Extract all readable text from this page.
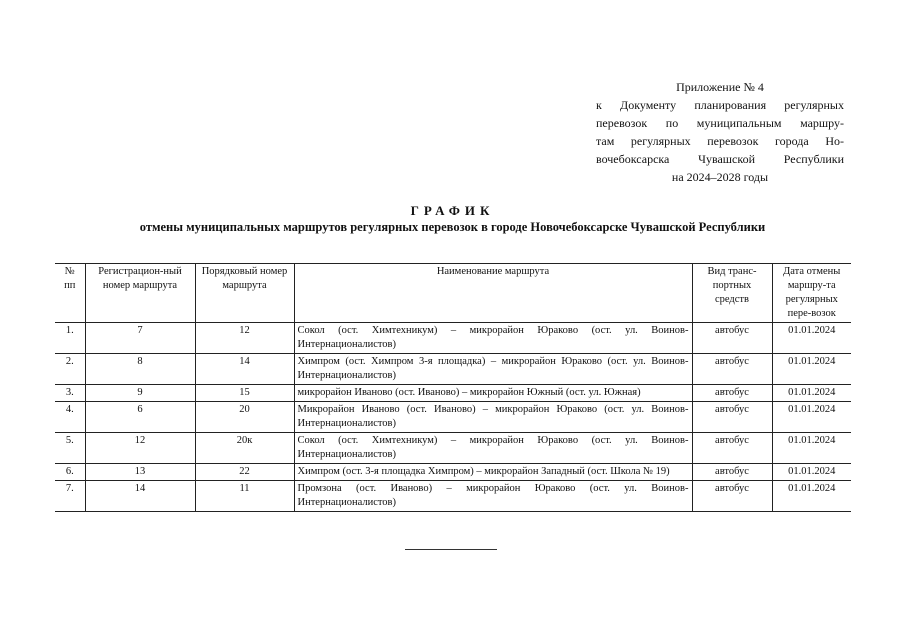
Приложение № 4
к Документу планирования регулярных
перевозок по муниципальным маршру-
там регулярных перевозок города Но-
вочебоксарска Чувашской Республики
на 2024–2028 годы
ГРАФИК
отмены муниципальных маршрутов регулярных перевозок в городе Новочебоксарске Чувашской Республики
№ пп	Регистрацион-ный номер маршрута	Порядковый номер маршрута	Наименование маршрута	Вид транс-портных средств	Дата отмены маршру-та регулярных пере-возок
1.	7	12	Сокол (ост. Химтехникум) – микрорайон Юраково (ост. ул. Воинов-Интернационалистов)	автобус	01.01.2024
2.	8	14	Химпром (ост. Химпром 3-я площадка) – микрорайон Юраково (ост. ул. Воинов-Интернационалистов)	автобус	01.01.2024
3.	9	15	микрорайон Иваново (ост. Иваново) – микрорайон Южный (ост. ул. Южная)	автобус	01.01.2024
4.	6	20	Микрорайон Иваново (ост. Иваново) – микрорайон Юраково (ост. ул. Воинов-Интернационалистов)	автобус	01.01.2024
5.	12	20к	Сокол (ост. Химтехникум) – микрорайон Юраково (ост. ул. Воинов-Интернационалистов)	автобус	01.01.2024
6.	13	22	Химпром (ост. 3-я площадка Химпром) – микрорайон Западный (ост. Школа № 19)	автобус	01.01.2024
7.	14	11	Промзона (ост. Иваново) – микрорайон Юраково (ост. ул. Воинов-Интернационалистов)	автобус	01.01.2024
